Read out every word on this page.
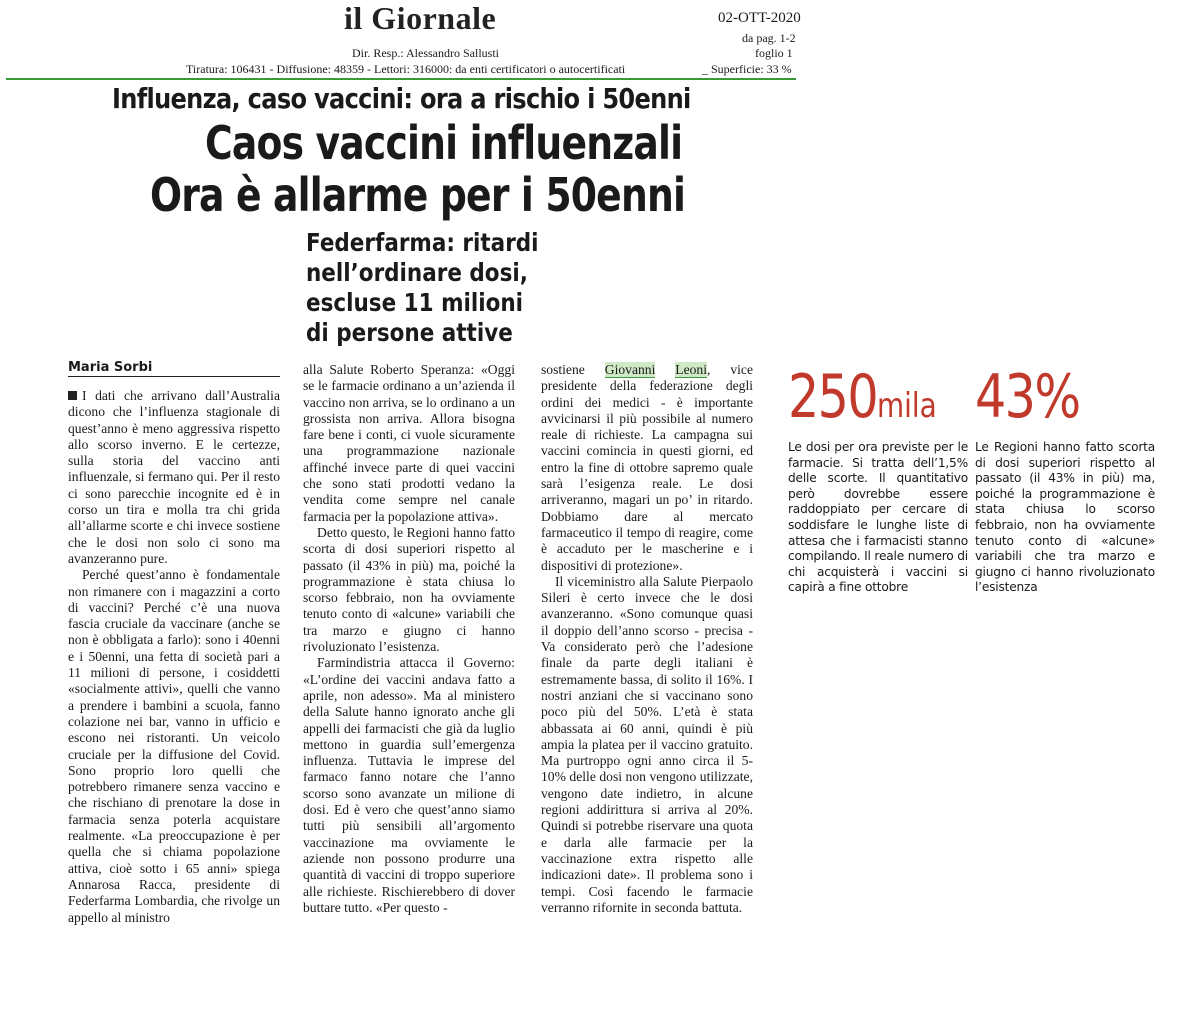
il Giornale	02-OTT-2020
da pag. 1-2
foglio 1
Dir. Resp.: Alessandro Sallusti
Tiratura: 106431 - Diffusione: 48359 - Lettori: 316000: da enti certificatori o autocertificati	_ Superficie: 33 %
Influenza, caso vaccini: ora a rischio i 50enni
Caos vaccini influenzali
Ora è allarme per i 50enni
Federfarma: ritardi
nell’ordinare dosi,
escluse 11 milioni
di persone attive
Maria Sorbi

I dati che arrivano dall’Australia dicono che l’influenza stagionale di quest’anno è meno aggressiva rispetto allo scorso inverno. E le certezze, sulla storia del vaccino anti influenzale, si fermano qui. Per il resto ci sono parecchie incognite ed è in corso un tira e molla tra chi grida all’allarme scorte e chi invece sostiene che le dosi non solo ci sono ma avanzeranno pure.

Perché quest’anno è fondamentale non rimanere con i magazzini a corto di vaccini? Perché c’è una nuova fascia cruciale da vaccinare (anche se non è obbligata a farlo): sono i 40enni e i 50enni, una fetta di società pari a 11 milioni di persone, i cosiddetti «socialmente attivi», quelli che vanno a prendere i bambini a scuola, fanno colazione nei bar, vanno in ufficio e escono nei ristoranti. Un veicolo cruciale per la diffusione del Covid. Sono proprio loro quelli che potrebbero rimanere senza vaccino e che rischiano di prenotare la dose in farmacia senza poterla acquistare realmente. «La preoccupazione è per quella che si chiama popolazione attiva, cioè sotto i 65 anni» spiega Annarosa Racca, presidente di Federfarma Lombardia, che rivolge un appello al ministro

alla Salute Roberto Speranza: «Oggi se le farmacie ordinano a un’azienda il vaccino non arriva, se lo ordinano a un grossista non arriva. Allora bisogna fare bene i conti, ci vuole sicuramente una programmazione nazionale affinché invece parte di quei vaccini che sono stati prodotti vedano la vendita come sempre nel canale farmacia per la popolazione attiva».

Detto questo, le Regioni hanno fatto scorta di dosi superiori rispetto al passato (il 43% in più) ma, poiché la programmazione è stata chiusa lo scorso febbraio, non ha ovviamente tenuto conto di «alcune» variabili che tra marzo e giugno ci hanno rivoluzionato l’esistenza.

Farmindistria attacca il Governo: «L’ordine dei vaccini andava fatto a aprile, non adesso». Ma al ministero della Salute hanno ignorato anche gli appelli dei farmacisti che già da luglio mettono in guardia sull’emergenza influenza. Tuttavia le imprese del farmaco fanno notare che l’anno scorso sono avanzate un milione di dosi. Ed è vero che quest’anno siamo tutti più sensibili all’argomento vaccinazione ma ovviamente le aziende non possono produrre una quantità di vaccini di troppo superiore alle richieste. Rischierebbero di dover buttare tutto. «Per questo -

sostiene Giovanni Leoni, vice presidente della federazione degli ordini dei medici - è importante avvicinarsi il più possibile al numero reale di richieste. La campagna sui vaccini comincia in questi giorni, ed entro la fine di ottobre sapremo quale sarà l’esigenza reale. Le dosi arriveranno, magari un po’ in ritardo. Dobbiamo dare al mercato farmaceutico il tempo di reagire, come è accaduto per le mascherine e i dispositivi di protezione».

Il viceministro alla Salute Pierpaolo Sileri è certo invece che le dosi avanzeranno. «Sono comunque quasi il doppio dell’anno scorso - precisa - Va considerato però che l’adesione finale da parte degli italiani è estremamente bassa, di solito il 16%. I nostri anziani che si vaccinano sono poco più del 50%. L’età è stata abbassata ai 60 anni, quindi è più ampia la platea per il vaccino gratuito. Ma purtroppo ogni anno circa il 5-10% delle dosi non vengono utilizzate, vengono date indietro, in alcune regioni addirittura si arriva al 20%. Quindi si potrebbe riservare una quota e darla alle farmacie per la vaccinazione extra rispetto alle indicazioni date». Il problema sono i tempi. Così facendo le farmacie verranno rifornite in seconda battuta.

250mila
Le dosi per ora previste per le farmacie. Si tratta dell’1,5% delle scorte. Il quantitativo però dovrebbe essere raddoppiato per cercare di soddisfare le lunghe liste di attesa che i farmacisti stanno compilando. Il reale numero di chi acquisterà i vaccini si capirà a fine ottobre
43%
Le Regioni hanno fatto scorta di dosi superiori rispetto al passato (il 43% in più) ma, poiché la programmazione è stata chiusa lo scorso febbraio, non ha ovviamente tenuto conto di «alcune» variabili che tra marzo e giugno ci hanno rivoluzionato l’esistenza
